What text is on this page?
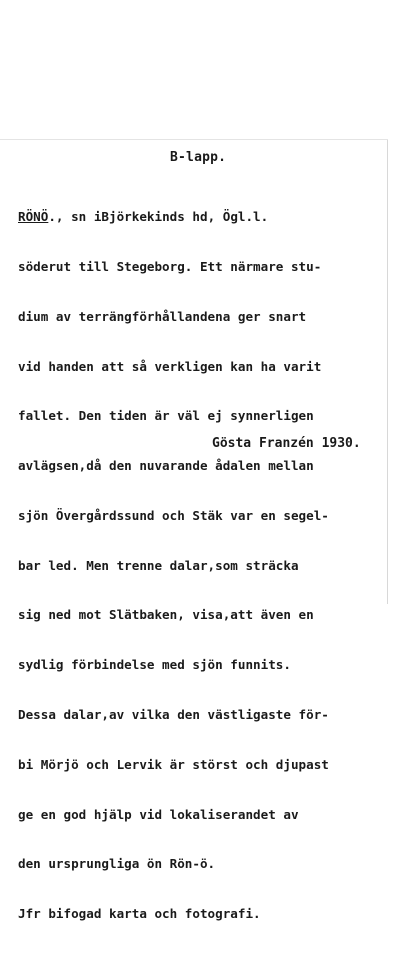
B-lapp.

RÖNÖ., sn iBjörkekinds hd, Ögl.l.

söderut till Stegeborg. Ett närmare stu-

dium av terrängförhållandena ger snart

vid handen att så verkligen kan ha varit

fallet. Den tiden är väl ej synnerligen

avlägsen,då den nuvarande ådalen mellan

sjön Övergårdssund och Stäk var en segel-

bar led. Men trenne dalar,som sträcka

sig ned mot Slätbaken, visa,att även en

sydlig förbindelse med sjön funnits.

Dessa dalar,av vilka den västligaste för-

bi Mörjö och Lervik är störst och djupast

ge en god hjälp vid lokaliserandet av

den ursprungliga ön Rön-ö.

Jfr bifogad karta och fotografi.

Gösta Franzén 1930.
